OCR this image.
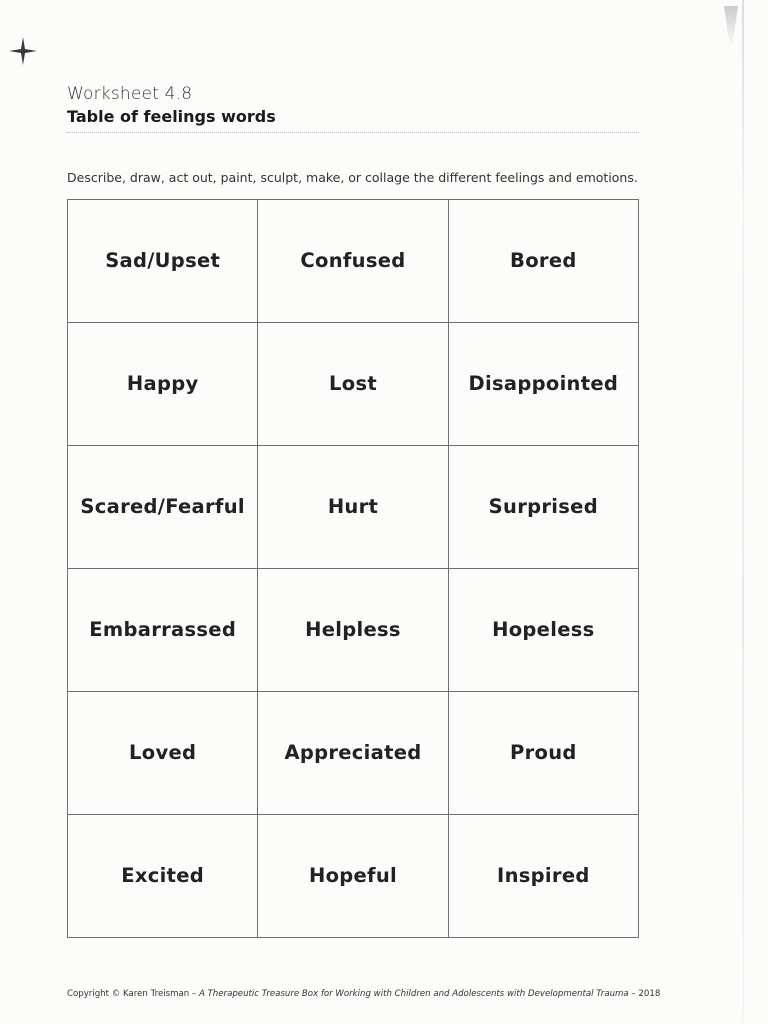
Worksheet 4.8
Table of feelings words
Describe, draw, act out, paint, sculpt, make, or collage the different feelings and emotions.
Sad/Upset	Confused	Bored
Happy	Lost	Disappointed
Scared/Fearful	Hurt	Surprised
Embarrassed	Helpless	Hopeless
Loved	Appreciated	Proud
Excited	Hopeful	Inspired
Copyright © Karen Treisman – A Therapeutic Treasure Box for Working with Children and Adolescents with Developmental Trauma – 2018
